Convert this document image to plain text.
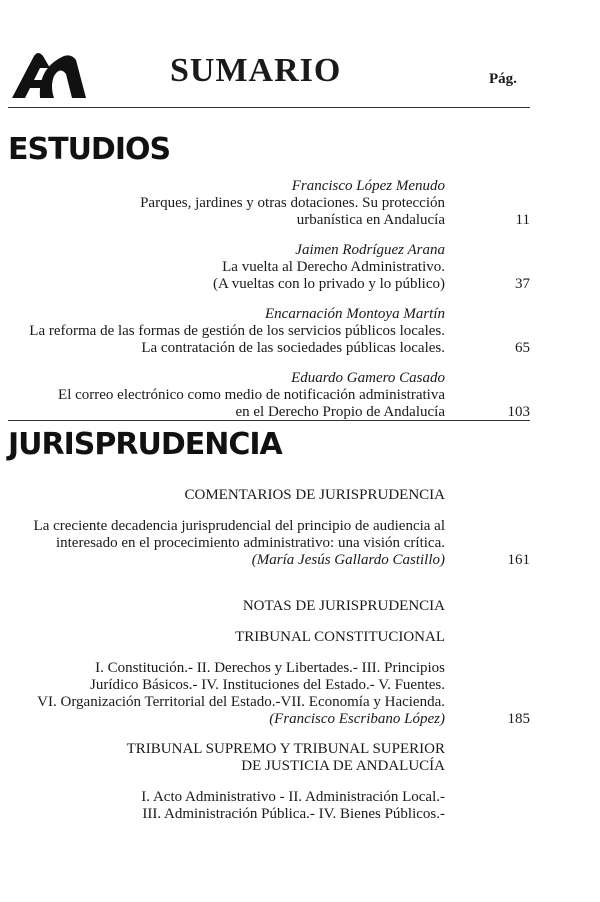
SUMARIO	Pág.
ESTUDIOS
Francisco López Menudo
Parques, jardines y otras dotaciones. Su protección
urbanística en Andalucía	11
Jaimen Rodríguez Arana
La vuelta al Derecho Administrativo.
(A vueltas con lo privado y lo público)	37
Encarnación Montoya Martín
La reforma de las formas de gestión de los servicios públicos locales.
La contratación de las sociedades públicas locales.	65
Eduardo Gamero Casado
El correo electrónico como medio de notificación administrativa
en el Derecho Propio de Andalucía	103
JURISPRUDENCIA
COMENTARIOS DE JURISPRUDENCIA
La creciente decadencia jurisprudencial del principio de audiencia al
interesado en el procecimiento administrativo: una visión crítica.
(María Jesús Gallardo Castillo)	161
NOTAS DE JURISPRUDENCIA
TRIBUNAL CONSTITUCIONAL
I. Constitución.- II. Derechos y Libertades.- III. Principios
Jurídico Básicos.- IV. Instituciones del Estado.- V. Fuentes.
VI. Organización Territorial del Estado.-VII. Economía y Hacienda.
(Francisco Escribano López)	185
TRIBUNAL SUPREMO Y TRIBUNAL SUPERIOR
DE JUSTICIA DE ANDALUCÍA
I. Acto Administrativo - II. Administración Local.-
III. Administración Pública.- IV. Bienes Públicos.-
